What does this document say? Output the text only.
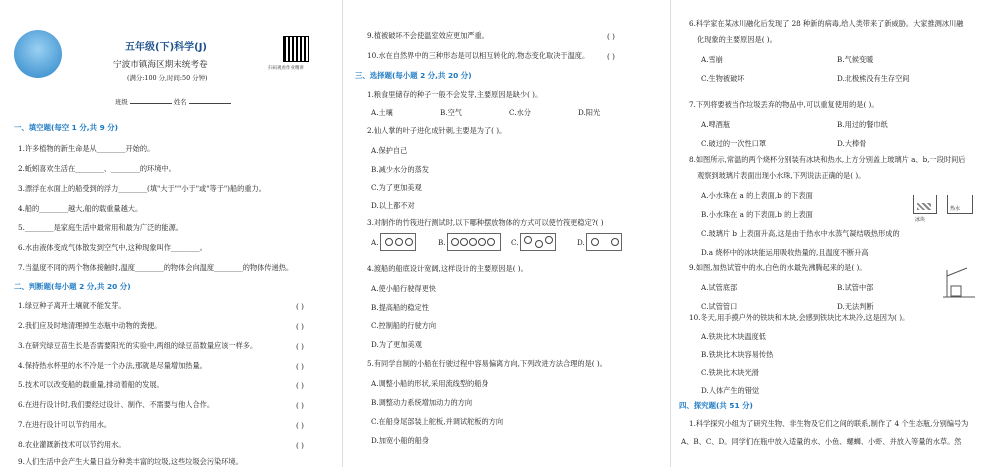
五年级(下)科学(J)
宁波市镇海区期末统考卷
(满分:100 分,时间:50 分钟)
班级	姓名
扫码观看作业精讲
一、填空题(每空 1 分,共 9 分)
1.许多植物的新生命是从________开始的。
2.蚯蚓喜欢生活在________、________的环境中。
3.漂浮在水面上的船受到的浮力________(填"大于""小于"或"等于")船的重力。
4.船的________越大,船的载重量越大。
5.________是家庭生活中最常用和最为广泛的能源。
6.水由液体变成气体散发到空气中,这种现象叫作________。
7.当温度不同的两个物体接触时,温度________的物体会向温度________的物体传递热。
二、判断题(每小题 2 分,共 20 分)
1.绿豆种子离开土壤就不能发芽。	( )
2.我们应及时地清理掉生态瓶中动物的粪便。	( )
3.在研究绿豆苗生长是否需要阳光的实验中,两组的绿豆苗数量应该一样多。	( )
4.保持热水杯里的水不冷是一个办法,那就是尽量增加热量。	( )
5.技术可以改变船的载重量,排动着船的发展。	( )
6.在进行设计时,我们要经过设计、制作、不需要与他人合作。	( )
7.在进行设计可以节约用水。	( )
8.农业灌溉新技术可以节约用水。	( )
9.人们生活中会产生大量日益分种类丰富的垃圾,这些垃圾会污染环境。
9.植被破坏不会使温室效应更加严重。	( )
10.水在自然界中的三种形态是可以相互转化的,物态变化取决于温度。 ( )
三、选择题(每小题 2 分,共 20 分)
1.粮食里储存的种子一般不会发芽,主要原因是缺少( )。
A.土壤	B.空气	C.水分	D.阳光
2.仙人掌的叶子进化成针刺,主要是为了( )。
A.保护自己
B.减少水分的蒸发
C.为了更加美观
D.以上都不对
3.对制作的竹筏进行测试时,以下哪种摆放物体的方式可以使竹筏更稳定?( )
A.	B.	C.	D.
4.渡船的船底设计宽阔,这样设计的主要原因是( )。
A.使小船行驶得更快
B.提高船的稳定性
C.控制船的行驶方向
D.为了更加美观
5.有同学自制的小船在行驶过程中容易偏离方向,下列改进方法合理的是( )。
A.调整小船的形状,采用流线型的船身
B.调整动力系统增加动力的方向
C.在船身尾部装上舵板,并调试舵板的方向
D.加宽小船的船身
6.科学家在某冰川融化后发现了 28 种新的病毒,给人类带来了新威胁。大家推测冰川融
化现象的主要原因是( )。
A.雪崩	B.气候变暖
C.生物被破坏	D.北极熊没有生存空间
7.下列将要被当作垃圾丢弃的物品中,可以重复使用的是( )。
A.啤酒瓶	B.用过的餐巾纸
C.破过的一次性口罩	D.大棒骨
8.如图所示,常温的两个烧杯分别装有冰块和热水,上方分别盖上玻璃片 a、b,一段时间后
观察到玻璃片表面出现小水珠,下列说法正确的是( )。
A.小水珠在 a 的上表面,b 的下表面
B.小水珠在 a 的下表面,b 的上表面
C.玻璃片 b 上表面升高,这是由于热水中水蒸气凝结吸热形成的
D.a 烧杯中的冰块能运用吸收热量的,且温度不断升高
冰块
热水
9.如图,加热试管中的水,白色的水最先沸腾起来的是( )。
A.试管底部	B.试管中部
C.试管管口	D.无法判断
10.冬天,用手摸户外的铁块和木块,会感到铁块比木块冷,这是因为( )。
A.铁块比木块温度低
B.铁块比木块容易传热
C.铁块比木块光滑
D.人体产生的错觉
四、探究题(共 51 分)
1.科学探究小组为了研究生物、非生物及它们之间的联系,制作了 4 个生态瓶,分别编号为
A、B、C、D。同学们在瓶中放入适量的水、小鱼、螺蛳、小虾、并放入等量的水草。然
